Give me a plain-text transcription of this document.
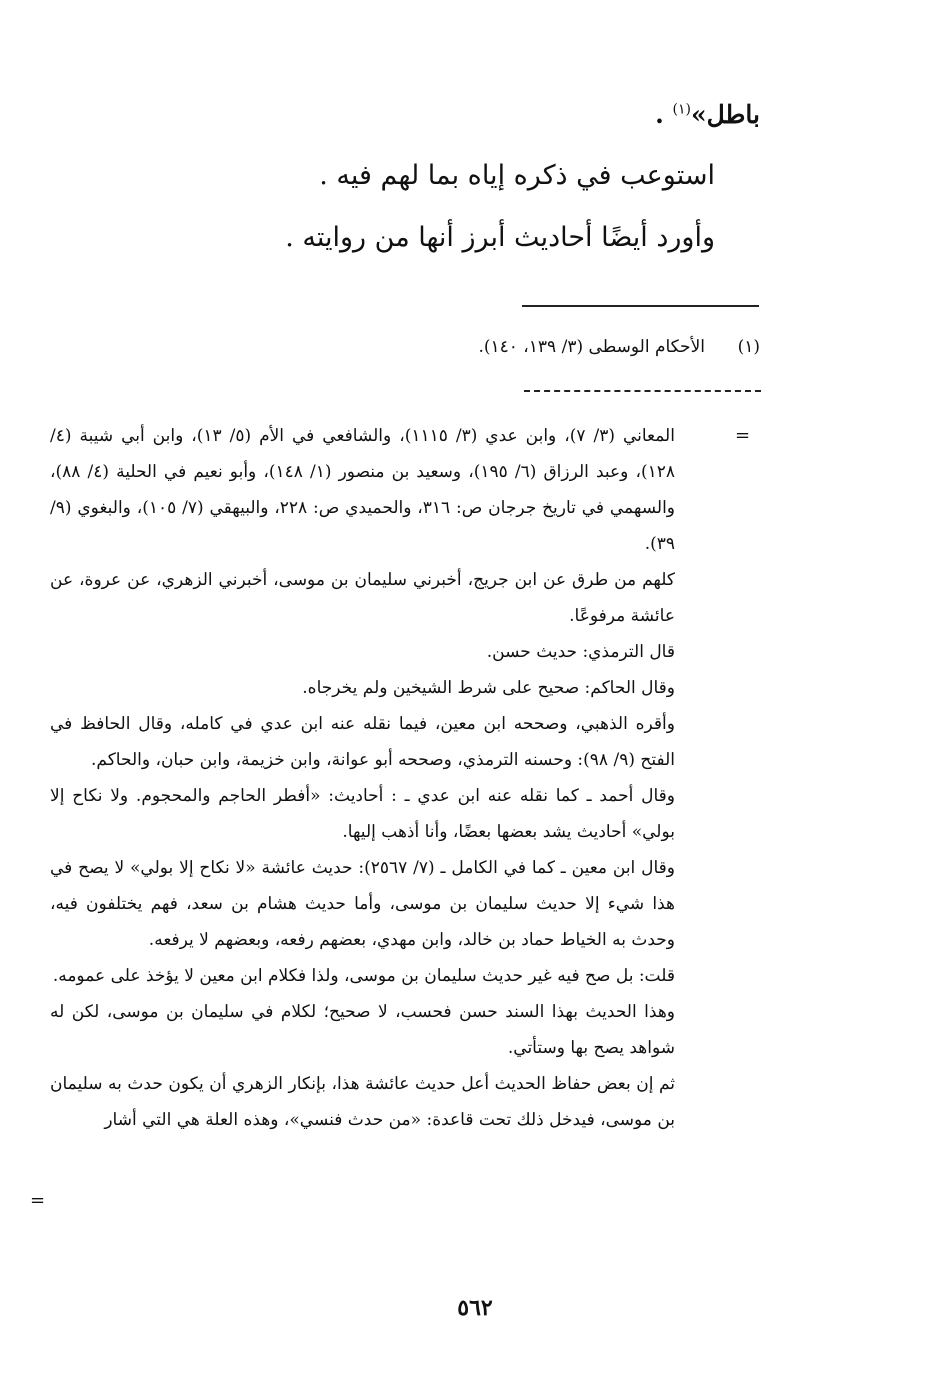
باطل»$^{(١)}$ .
استوعب في ذكره إياه بما لهم فيه .
وأورد أيضًا أحاديث أبرز أنها من روايته .
(١)
الأحكام الوسطى (٣/ ١٣٩، ١٤٠).
=

المعاني (٣/ ٧)، وابن عدي (٣/ ١١١٥)، والشافعي في الأم (٥/ ١٣)، وابن أبي شيبة (٤/ ١٢٨)، وعبد الرزاق (٦/ ١٩٥)، وسعيد بن منصور (١/ ١٤٨)، وأبو نعيم في الحلية (٤/ ٨٨)، والسهمي في تاريخ جرجان ص: ٣١٦، والحميدي ص: ٢٢٨، والبيهقي (٧/ ١٠٥)، والبغوي (٩/ ٣٩).

كلهم من طرق عن ابن جريج، أخبرني سليمان بن موسى، أخبرني الزهري، عن عروة، عن عائشة مرفوعًا.

قال الترمذي: حديث حسن.

وقال الحاكم: صحيح على شرط الشيخين ولم يخرجاه.

وأقره الذهبي، وصححه ابن معين، فيما نقله عنه ابن عدي في كامله، وقال الحافظ في الفتح (٩/ ٩٨): وحسنه الترمذي، وصححه أبو عوانة، وابن خزيمة، وابن حبان، والحاكم.

وقال أحمد ـ كما نقله عنه ابن عدي ـ : أحاديث: «أفطر الحاجم والمحجوم. ولا نكاح إلا بولي» أحاديث يشد بعضها بعضًا، وأنا أذهب إليها.

وقال ابن معين ـ كما في الكامل ـ (٧/ ٢٥٦٧): حديث عائشة «لا نكاح إلا بولي» لا يصح في هذا شيء إلا حديث سليمان بن موسى، وأما حديث هشام بن سعد، فهم يختلفون فيه، وحدث به الخياط حماد بن خالد، وابن مهدي، بعضهم رفعه، وبعضهم لا يرفعه.

قلت: بل صح فيه غير حديث سليمان بن موسى، ولذا فكلام ابن معين لا يؤخذ على عمومه.

وهذا الحديث بهذا السند حسن فحسب، لا صحيح؛ لكلام في سليمان بن موسى، لكن له شواهد يصح بها وستأتي.

ثم إن بعض حفاظ الحديث أعل حديث عائشة هذا، بإنكار الزهري أن يكون حدث به سليمان بن موسى، فيدخل ذلك تحت قاعدة: «من حدث فنسي»، وهذه العلة هي التي أشار

=
٥٦٢
